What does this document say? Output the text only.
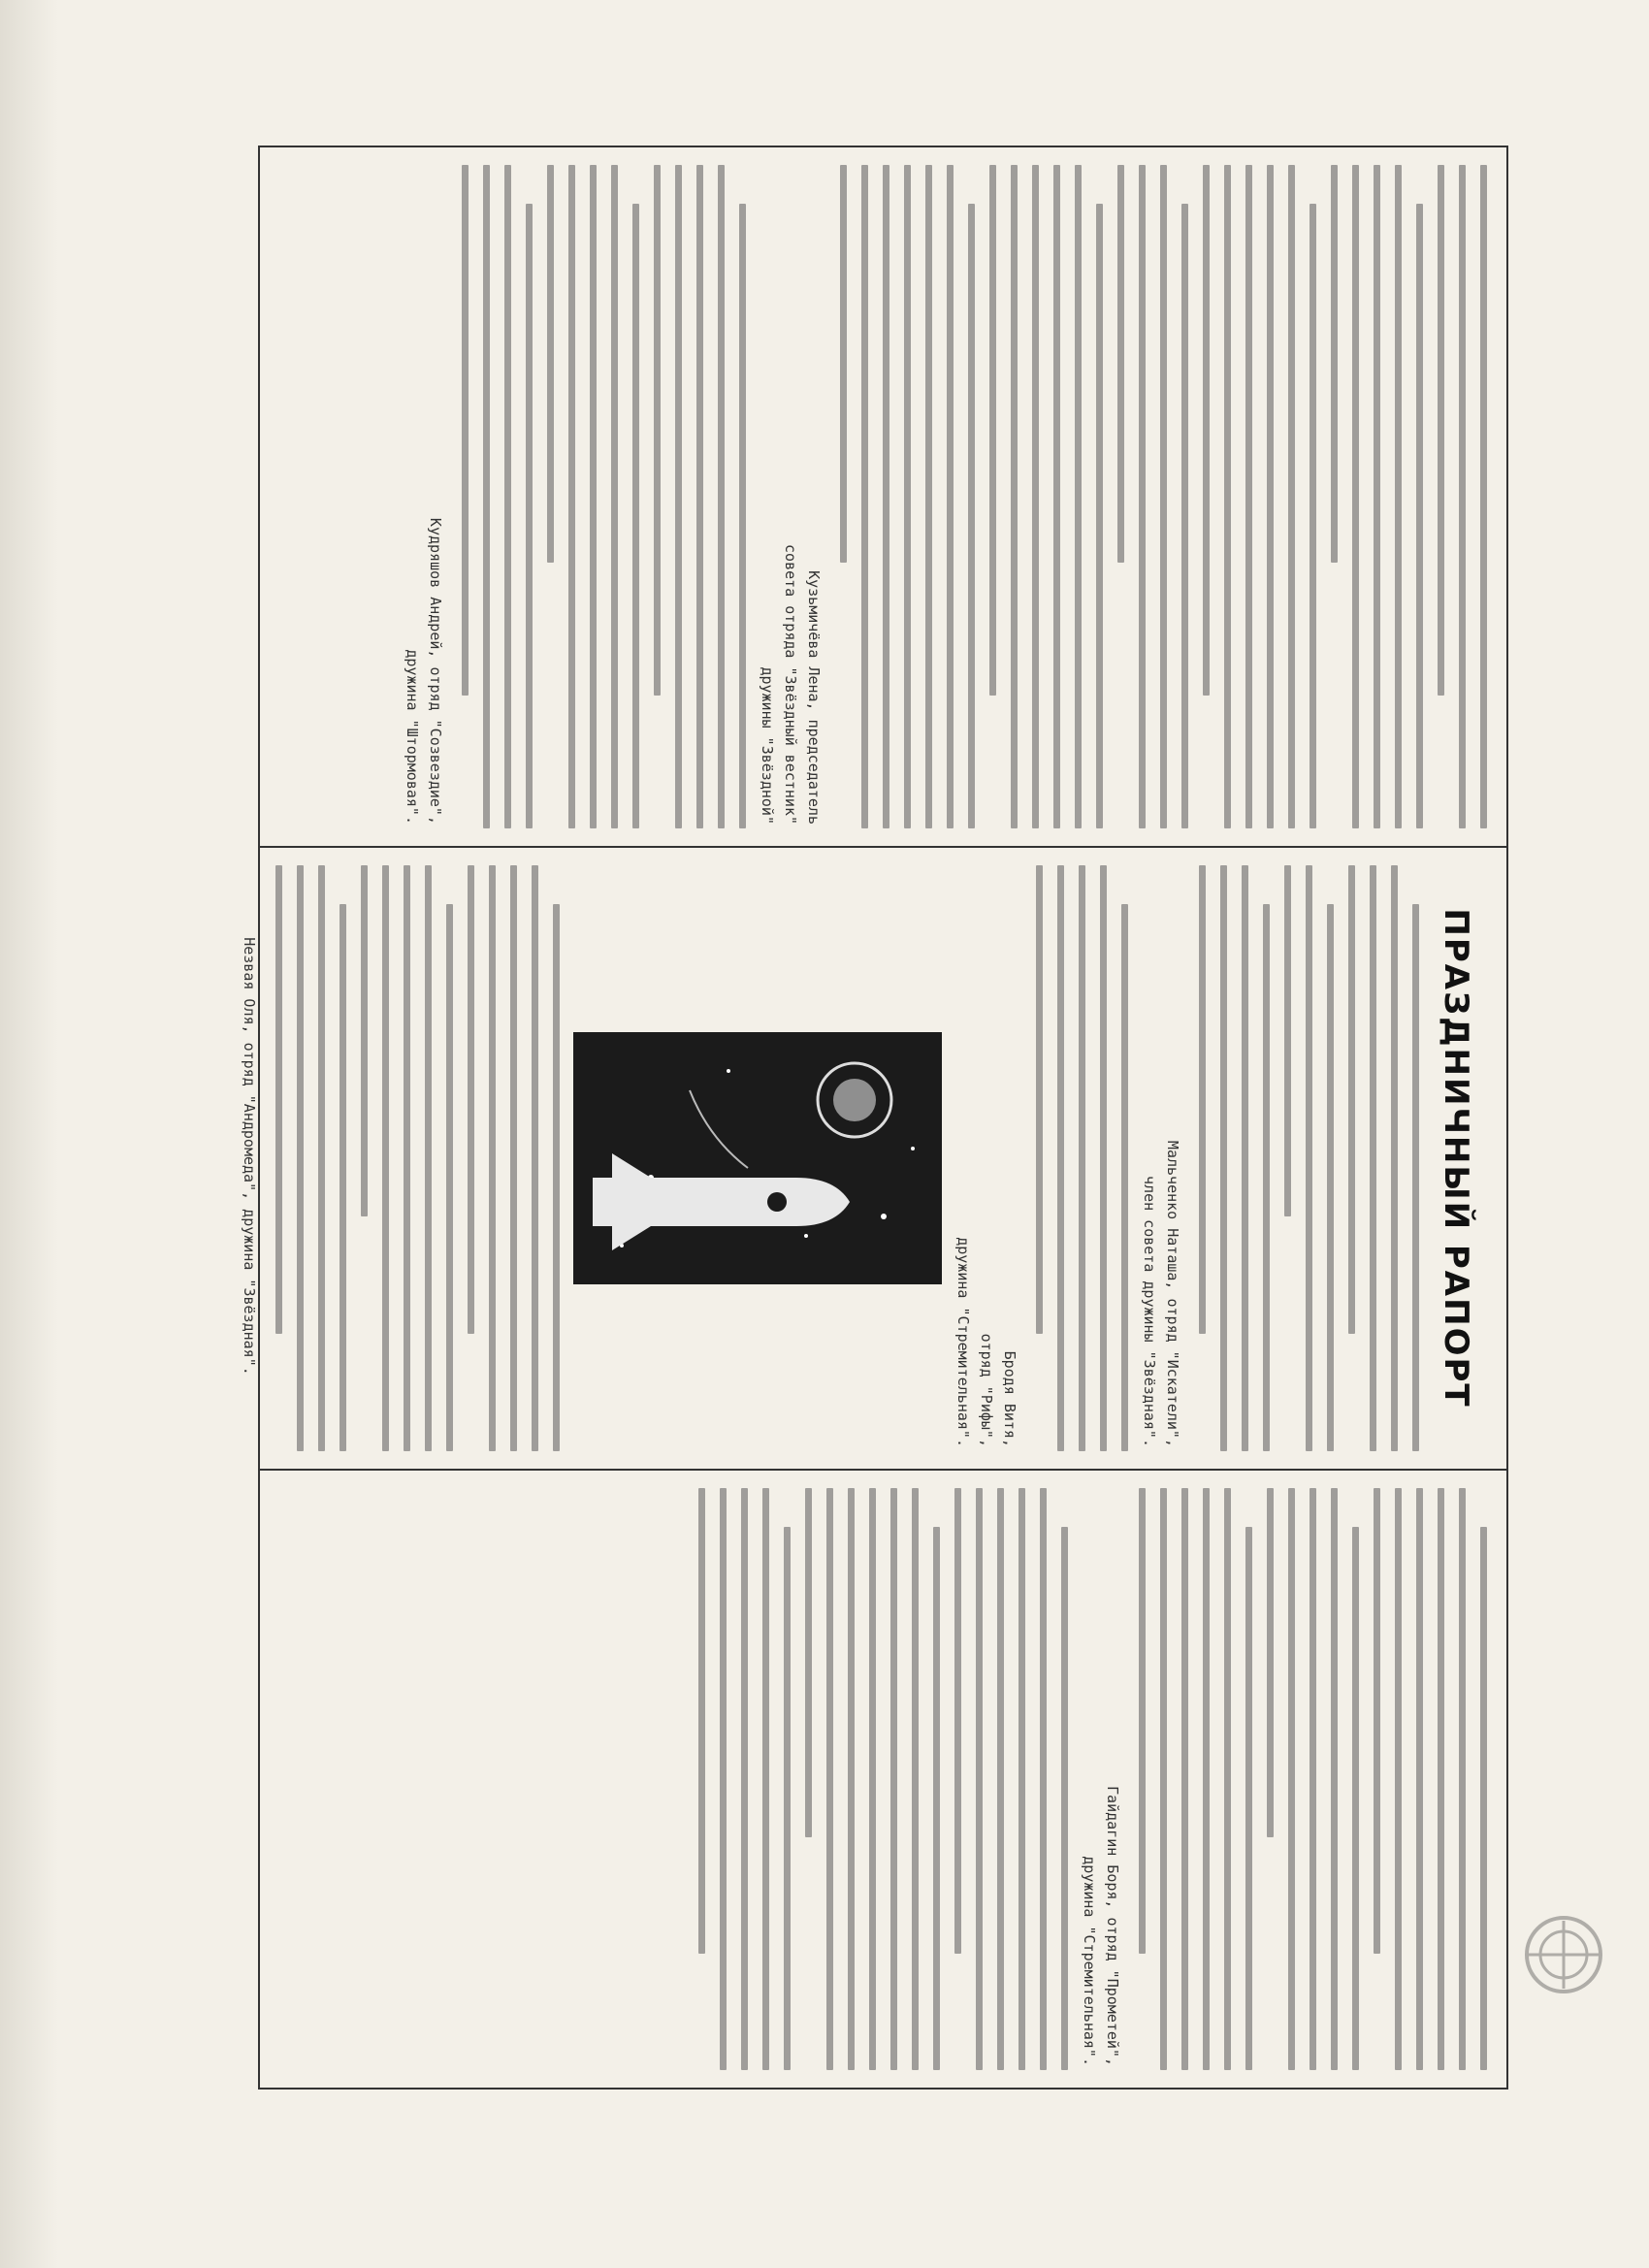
Кузьмичёва Лена, председатель
совета отряда "Звёздный вестник"
дружины "Звёздной"
Кудряшов Андрей, отряд "Созвездие",
дружина "Штормовая".
ПРАЗДНИЧНЫЙ РАПОРТ
Мальченко Наташа, отряд "Искатели",
член совета дружины "Звёздная".
Бродя Витя,
отряд "Рифы",
дружина "Стремительная".
Незвая Оля, отряд "Андромеда", дружина "Звёздная".
Гайдагин Боря, отряд "Прометей",
дружина "Стремительная".
